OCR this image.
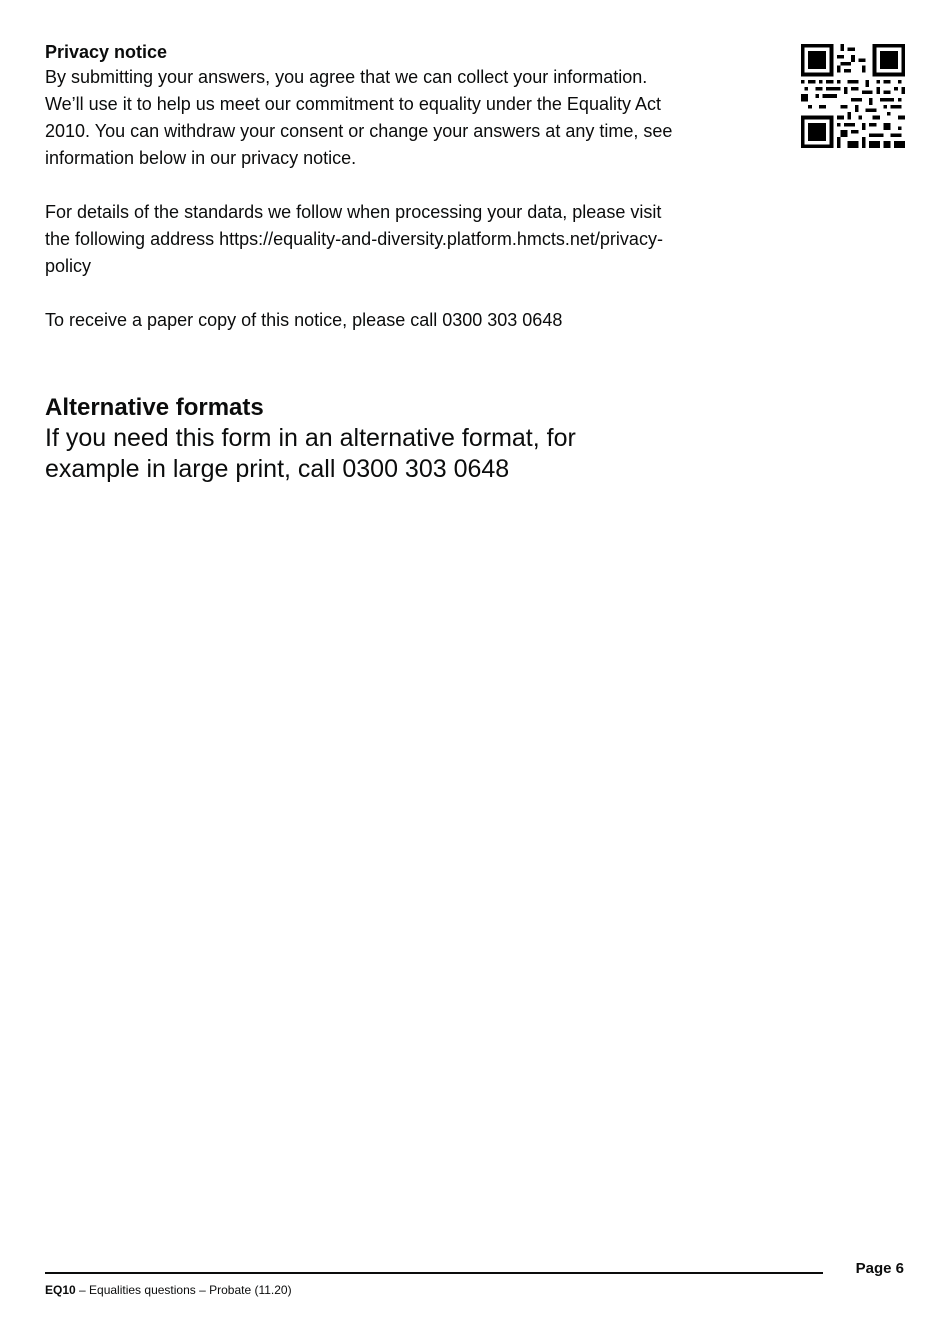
Privacy notice

By submitting your answers, you agree that we can collect your information. We’ll use it to help us meet our commitment to equality under the Equality Act 2010. You can withdraw your consent or change your answers at any time, see information below in our privacy notice.

For details of the standards we follow when processing your data, please visit the following address https://equality-and-diversity.platform.hmcts.net/privacy-policy

To receive a paper copy of this notice, please call 0300 303 0648

Alternative formats

If you need this form in an alternative format, for example in large print, call 0300 303 0648

Page 6
EQ10 – Equalities questions – Probate (11.20)
